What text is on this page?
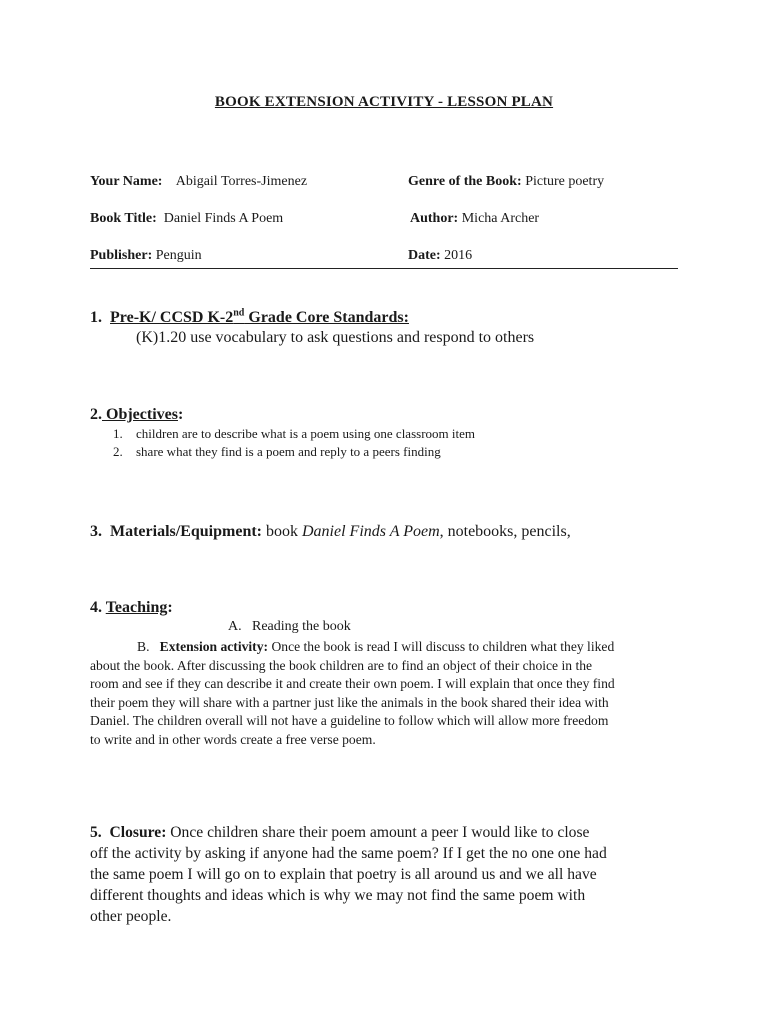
BOOK EXTENSION ACTIVITY - LESSON PLAN
Your Name: Abigail Torres-Jimenez	Genre of the Book: Picture poetry
Book Title: Daniel Finds A Poem	Author: Micha Archer
Publisher: Penguin	Date: 2016
1. Pre-K/ CCSD K-2nd Grade Core Standards:
(K)1.20 use vocabulary to ask questions and respond to others
2. Objectives:
1. children are to describe what is a poem using one classroom item
2. share what they find is a poem and reply to a peers finding
3. Materials/Equipment: book Daniel Finds A Poem, notebooks, pencils,
4. Teaching:
A. Reading the book
B. Extension activity: Once the book is read I will discuss to children what they liked
about the book. After discussing the book children are to find an object of their choice in the
room and see if they can describe it and create their own poem. I will explain that once they find
their poem they will share with a partner just like the animals in the book shared their idea with
Daniel. The children overall will not have a guideline to follow which will allow more freedom
to write and in other words create a free verse poem.
5. Closure: Once children share their poem amount a peer I would like to close
off the activity by asking if anyone had the same poem? If I get the no one one had
the same poem I will go on to explain that poetry is all around us and we all have
different thoughts and ideas which is why we may not find the same poem with
other people.
